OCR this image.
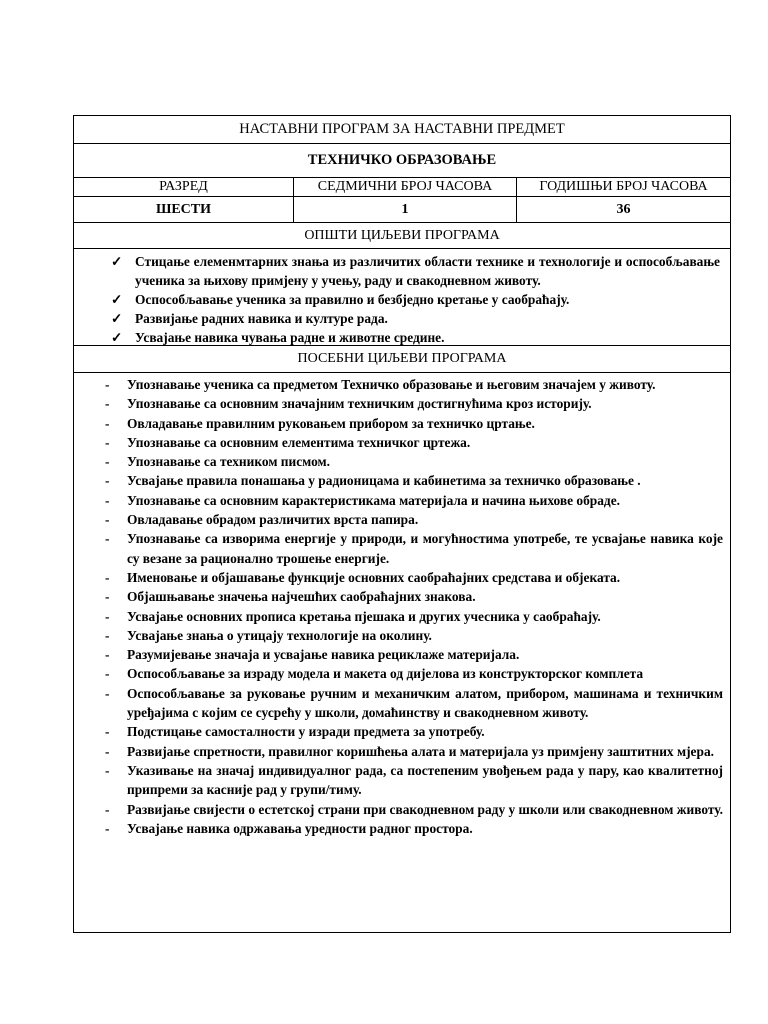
НАСТАВНИ ПРОГРАМ ЗА НАСТАВНИ ПРЕДМЕТ
ТЕХНИЧКО ОБРАЗОВАЊЕ
РАЗРЕД	СЕДМИЧНИ БРОЈ ЧАСОВА	ГОДИШЊИ БРОЈ ЧАСОВА
ШЕСТИ	1	36
ОПШТИ ЦИЉЕВИ ПРОГРАМА
✓ Стицање елеменмтарних знања из различитих области технике и технологије и оспособљавање ученика за њихову примјену у учењу, раду и свакодневном животу.
✓ Оспособљавање ученика за правилно и безбједно кретање у саобраћају.
✓ Развијање радних навика и културе рада.
✓ Усвајање навика чувања радне и животне средине.
ПОСЕБНИ ЦИЉЕВИ ПРОГРАМА
-	Упознавање ученика са предметом Техничко образовање и његовим значајем у животу.
-	Упознавање са основним значајним техничким достигнућима кроз историју.
-	Овладавање правилним руковањем прибором за техничко цртање.
-	Упознавање са основним елементима техничког цртежа.
-	Упознавање са техником писмом.
-	Усвајање правила понашања у радионицама и кабинетима за техничко образовање .
-	Упознавање са основним карактеристикама материјала и начина њихове обраде.
-	Овладавање обрадом различитих врста папира.
-	Упознавање са изворима енергије у природи, и могућностима употребе, те усвајање навика које су везане за рационално трошење енергије.
-	Именовање и објашавање функције основних саобраћајних средстава и објеката.
-	Објашњавање значења најчешћих саобраћајних знакова.
-	Усвајање основних прописа кретања пјешака и других учесника у саобраћају.
-	Усвајање знања о утицају технологије на околину.
-	Разумијевање значаја и усвајање навика рециклаже материјала.
-	Оспособљавање за израду модела и макета од дијелова из конструкторског комплета
-	Оспособљавање за руковање ручним и механичким алатом, прибором, машинама и техничким уређајима с којим се сусрећу у школи, домаћинству и свакодневном животу.
-	Подстицање самосталности у изради предмета за употребу.
-	Развијање спретности, правилног коришћења алата и материјала уз примјену заштитних мјера.
-	Указивање на значај индивидуалног рада, са постепеним увођењем рада у пару, као квалитетној припреми за касније рад у групи/тиму.
-	Развијање свијести о естетској страни при свакодневном раду у школи или свакодневном животу.
-	Усвајање навика одржавања уредности радног простора.
